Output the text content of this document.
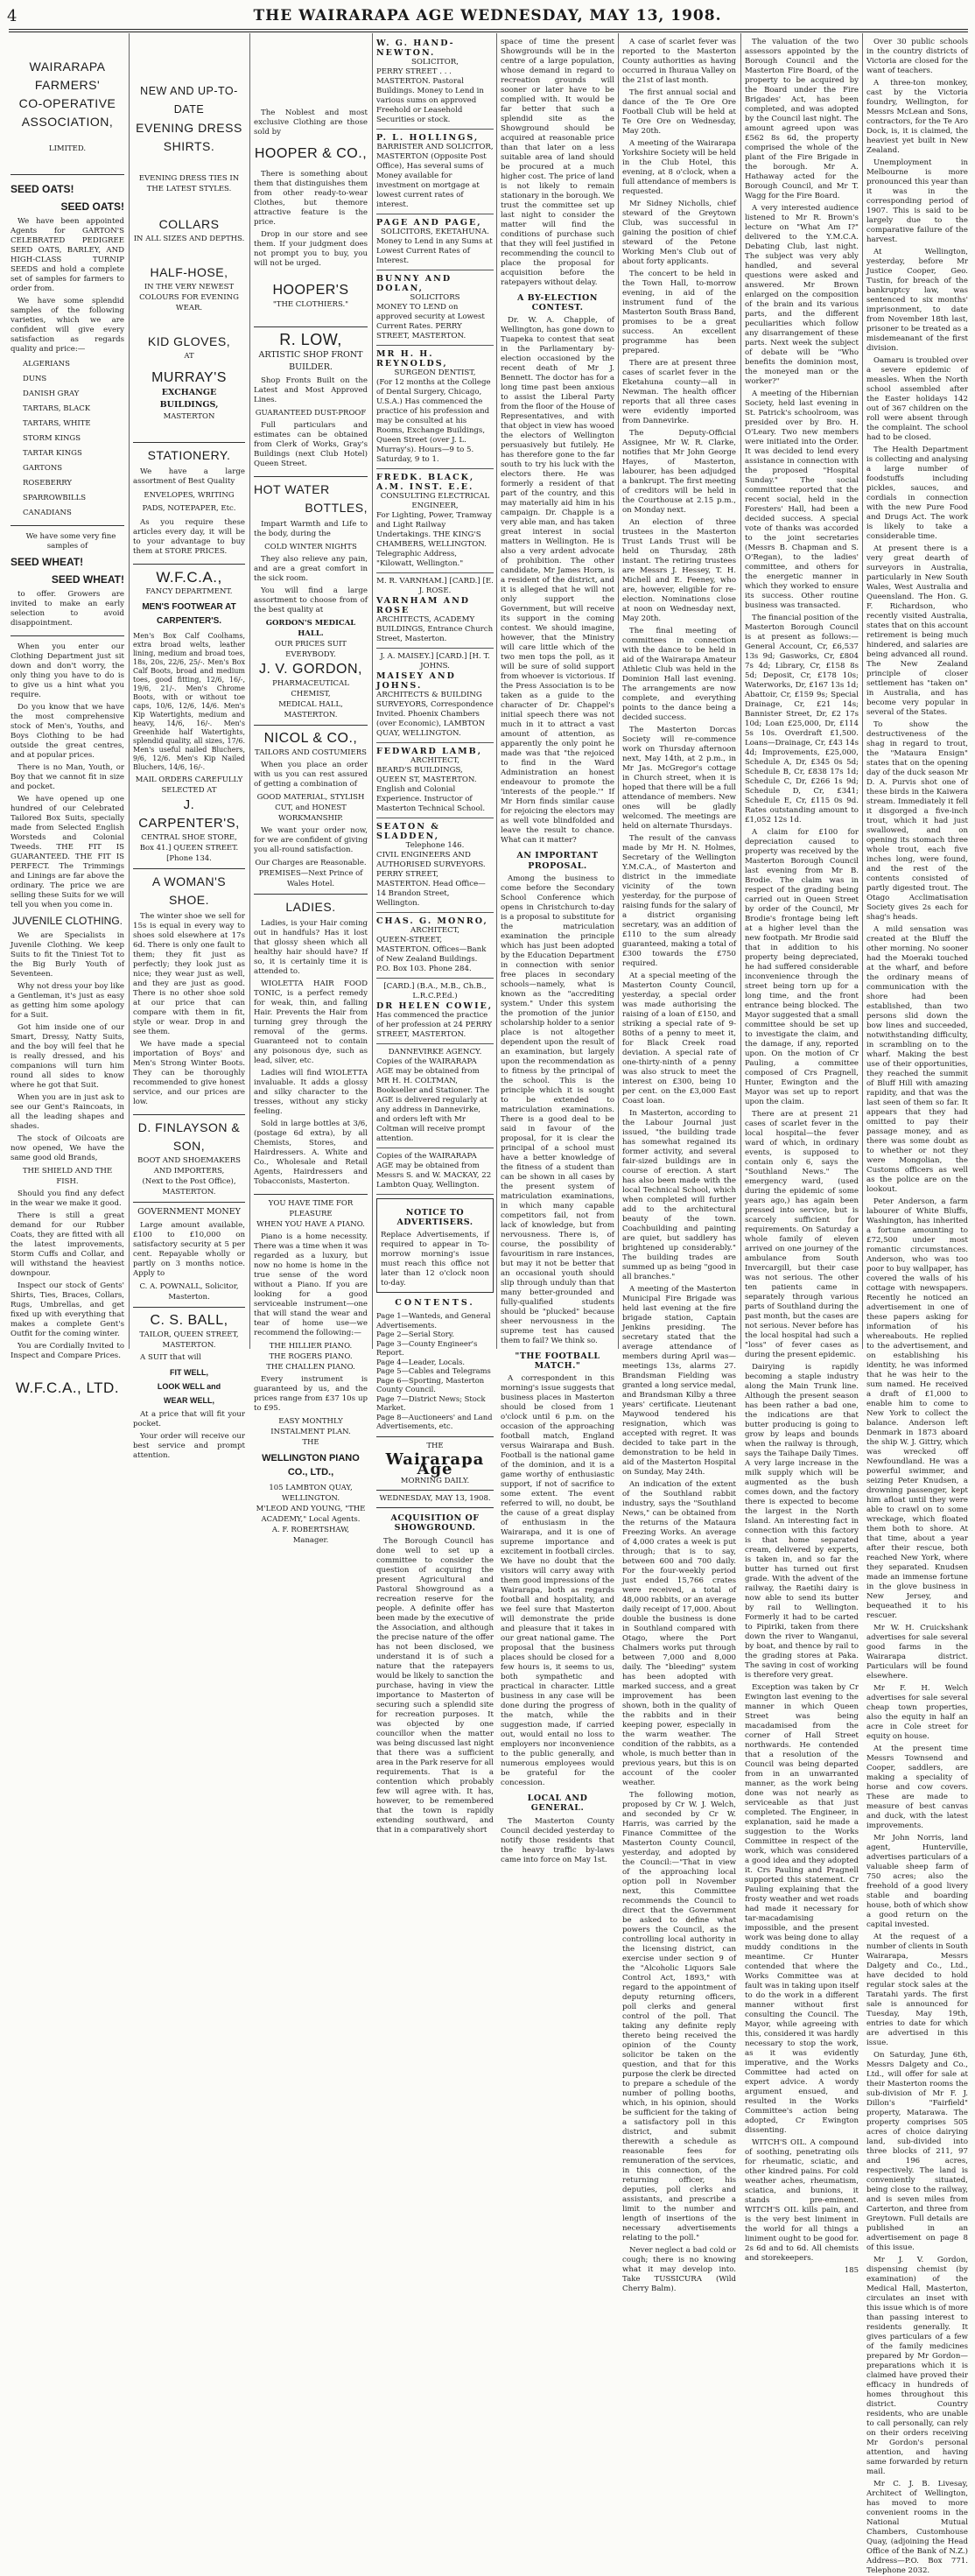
4	THE WAIRARAPA AGE WEDNESDAY, MAY 13, 1908.
WAIRARAPA
FARMERS'
CO-OPERATIVE
ASSOCIATION,
LIMITED.
SEED OATS!
SEED OATS!
We have been appointed Agents for GARTON'S CELEBRATED PEDIGREE SEED OATS, BARLEY, AND HIGH-CLASS TURNIP SEEDS and hold a complete set of samples for farmers to order from.
We have some splendid samples of the following varieties, which we are confident will give every satisfaction as regards quality and price:—
ALGERIANS
DUNS
DANISH GRAY
TARTARS, BLACK
TARTARS, WHITE
STORM KINGS
TARTAR KINGS
GARTONS
ROSEBERRY
SPARROWBILLS
CANADIANS
We have some very fine samples of
SEED WHEAT!
SEED WHEAT!
to offer. Growers are invited to make an early selection to avoid disappointment.
When you enter our Clothing Department just sit down and don't worry, the only thing you have to do is to give us a hint what you require.
Do you know that we have the most comprehensive stock of Men's, Youths, and Boys Clothing to be had outside the great centres, and at popular prices.
There is no Man, Youth, or Boy that we cannot fit in size and pocket.
We have opened up one hundred of our Celebrated Tailored Box Suits, specially made from Selected English Worsteds and Colonial Tweeds. THE FIT IS GUARANTEED. THE FIT IS PERFECT. The Trimmings and Linings are far above the ordinary. The price we are selling these Suits for we will tell you when you come in.
JUVENILE CLOTHING.
We are Specialists in Juvenile Clothing. We keep Suits to fit the Tiniest Tot to the Big Burly Youth of Seventeen.
Why not dress your boy like a Gentleman, it's just as easy as getting him some apology for a Suit.
Got him inside one of our Smart, Dressy, Natty Suits, and the boy will feel that he is really dressed, and his companions will turn him round all sides to know where he got that Suit.
When you are in just ask to see our Gent's Raincoats, in all the leading shapes and shades.
The stock of Oilcoats are now opened, We have the same good old Brands,
THE SHIELD AND THE FISH.
Should you find any defect in the wear we make it good.
There is still a great demand for our Rubber Coats, they are fitted with all the latest improvements, Storm Cuffs and Collar, and will withstand the heaviest downpour.
Inspect our stock of Gents' Shirts, Ties, Braces, Collars, Rugs, Umbrellas, and get fixed up with everything that makes a complete Gent's Outfit for the coming winter.
You are Cordially Invited to Inspect and Compare Prices.
W.F.C.A., LTD.
NEW AND UP-TO-DATE
EVENING DRESS SHIRTS.
EVENING DRESS TIES IN THE LATEST STYLES.
COLLARS
IN ALL SIZES AND DEPTHS.
HALF-HOSE,
IN THE VERY NEWEST COLOURS FOR EVENING WEAR.
KID GLOVES,
AT
MURRAY'S
EXCHANGE BUILDINGS,
MASTERTON
STATIONERY.
We have a large assortment of Best Quality
ENVELOPES, WRITING PADS, NOTEPAPER, Etc.
As you require these articles every day, it will be to your advantage to buy them at STORE PRICES.
W.F.C.A.,
FANCY DEPARTMENT.
MEN'S FOOTWEAR AT CARPENTER'S.
Men's Box Calf Coolhams, extra broad welts, leather lining, medium and broad toes, 18s, 20s, 22/6, 25/-. Men's Box Calf Boots, broad and medium toes, good fitting, 12/6, 16/-, 19/6, 21/-. Men's Chrome Boots, with or without toe caps, 10/6, 12/6, 14/6. Men's Kip Watertights, medium and heavy, 14/6, 16/-. Men's Greenhide half Watertights, splendid quality, all sizes, 17/6. Men's useful nailed Bluchers, 9/6, 12/6. Men's Kip Nailed Bluchers, 14/6, 16/-.
MAIL ORDERS CAREFULLY SELECTED AT
J. CARPENTER'S,
CENTRAL SHOE STORE, Box 41.] QUEEN STREET. [Phone 134.
A WOMAN'S SHOE.
The winter shoe we sell for 15s is equal in every way to shoes sold elsewhere at 17s 6d. There is only one fault to them; they fit just as perfectly; they look just as nice; they wear just as well, and they are just as good. There is no other shoe sold at our price that can compare with them in fit, style or wear. Drop in and see them.
We have made a special importation of Boys' and Men's Strong Winter Boots. They can be thoroughly recommended to give honest service, and our prices are low.
D. FINLAYSON & SON,
BOOT AND SHOEMAKERS AND IMPORTERS,
(Next to the Post Office), MASTERTON.
GOVERNMENT MONEY
Large amount available, £100 to £10,000 on satisfactory security at 5 per cent. Repayable wholly or partly on 3 months notice. Apply to
C. A. POWNALL, Solicitor, Masterton.
C. S. BALL,
TAILOR, QUEEN STREET, MASTERTON.
A SUIT that will
FIT WELL,
LOOK WELL and
WEAR WELL,
At a price that will fit your pocket.
Your order will receive our best service and prompt attention.
The Noblest and most exclusive Clothing are those sold by
HOOPER & CO.,
There is something about them that distinguishes them from other ready-to-wear Clothes, but themore attractive feature is the price.
Drop in our store and see them. If your judgment does not prompt you to buy, you will not be urged.
HOOPER'S
"THE CLOTHIERS."
R. LOW,
ARTISTIC SHOP FRONT BUILDER.
Shop Fronts Built on the Latest and Most Approved Lines.
GUARANTEED DUST-PROOF
Full particulars and estimates can be obtained from Clerk of Works, Gray's Buildings (next Club Hotel) Queen Street.
HOT WATER
BOTTLES,
Impart Warmth and Life to the body, during the
COLD WINTER NIGHTS
They also relieve any pain, and are a great comfort in the sick room.
You will find a large assortment to choose from of the best quality at
GORDON'S MEDICAL HALL.
OUR PRICES SUIT EVERYBODY.
J. V. GORDON,
PHARMACEUTICAL CHEMIST,
MEDICAL HALL, MASTERTON.
NICOL & CO.,
TAILORS AND COSTUMIERS
When you place an order with us you can rest assured of getting a combination of
GOOD MATERIAL, STYLISH CUT, and HONEST WORKMANSHIP.
We want your order now, for we are confident of giving you all-round satisfaction.
Our Charges are Reasonable.
PREMISES—Next Prince of Wales Hotel.
LADIES.
Ladies, is your Hair coming out in handfuls? Has it lost that glossy sheen which all healthy hair should have? If so, it is certainly time it is attended to.
WIOLETTA HAIR FOOD TONIC, is a perfect remedy for weak, thin, and falling Hair. Prevents the Hair from turning grey through the removal of the germs. Guaranteed not to contain any poisonous dye, such as lead, silver, etc.
Ladies will find WIOLETTA invaluable. It adds a glossy and silky character to the tresses, without any sticky feeling.
Sold in large bottles at 3/6, (postage 6d extra), by all Chemists, Stores, and Hairdressers. A. White and Co., Wholesale and Retail Agents, Hairdressers and Tobacconists, Masterton.
YOU HAVE TIME FOR PLEASURE
WHEN YOU HAVE A PIANO.
Piano is a home necessity. There was a time when it was regarded as a luxury, but now no home is home in the true sense of the word without a Piano. If you are looking for a good serviceable instrument—one that will stand the wear and tear of home use—we recommend the following:—
THE HILLIER PIANO.
THE ROGERS PIANO.
THE CHALLEN PIANO.
Every instrument is guaranteed by us, and the prices range from £37 10s up to £95.
EASY MONTHLY INSTALMENT PLAN.
THE
WELLINGTON PIANO CO., LTD.,
105 LAMBTON QUAY, WELLINGTON.
M'LEOD AND YOUNG, "THE ACADEMY," Local Agents.
A. F. ROBERTSHAW, Manager.
W. G. HAND-NEWTON.
SOLICITOR,
PERRY STREET . . . MASTERTON. Pastoral Buildings. Money to Lend in various sums on approved Freehold or Leasehold Securities or stock.
P. L. HOLLINGS,
BARRISTER AND SOLICITOR,
MASTERTON (Opposite Post Office), Has several sums of Money available for investment on mortgage at lowest current rates of interest.
PAGE AND PAGE,
SOLICITORS, EKETAHUNA.
Money to Lend in any Sums at Lowest Current Rates of Interest.
BUNNY AND DOLAN,
SOLICITORS
MONEY TO LEND on approved security at Lowest Current Rates. PERRY STREET, MASTERTON.
MR H. H. REYNOLDS,
SURGEON DENTIST,
(For 12 months at the College of Dental Surgery, Chicago, U.S.A.) Has commenced the practice of his profession and may be consulted at his Rooms, Exchange Buildings, Queen Street (over J. L. Murray's). Hours—9 to 5. Saturday, 9 to 1.
FREDK. BLACK, A.M. INST. E.E.
CONSULTING ELECTRICAL ENGINEER,
For Lighting, Power, Tramway and Light Railway Undertakings. THE KING'S CHAMBERS, WELLINGTON. Telegraphic Address, "Kilowatt, Wellington."
M. R. VARNHAM.] [CARD.] [E. J. ROSE.
VARNHAM AND ROSE
ARCHITECTS, ACADEMY BUILDINGS, Entrance Church Street, Masterton.
J. A. MAISEY.] [CARD.] [H. T. JOHNS.
MAISEY AND JOHNS.
ARCHITECTS & BUILDING SURVEYORS, Correspondence Invited. Phoenix Chambers (over Economic), LAMBTON QUAY, WELLINGTON.
FEDWARD LAMB,
ARCHITECT,
BEARD'S BUILDINGS, QUEEN ST, MASTERTON. English and Colonial Experience. Instructor of Masterton Technical School.
SEATON & SLADDEN,
Telephone 146.
CIVIL ENGINEERS AND AUTHORISED SURVEYORS. PERRY STREET, MASTERTON. Head Office— 14 Brandon Street, Wellington.
CHAS. G. MONRO,
ARCHITECT,
QUEEN-STREET, MASTERTON. Offices—Bank of New Zealand Buildings. P.O. Box 103. Phone 284.
[CARD.] (B.A., M.B., Ch.B., L.R.C.P.Ed.)
DR HELEN COWIE,
Has commenced the practice of her profession at 24 PERRY STREET, MASTERTON.
DANNEVIRKE AGENCY.
Copies of the WAIRARAPA AGE may be obtained from MR H. H. COLTMAN, Bookseller and Stationer. The AGE is delivered regularly at any address in Dannevirke, and orders left with Mr Coltman will receive prompt attention.
Copies of the WAIRARAPA AGE may be obtained from Messrs S. and W. MACKAY, 22 Lambton Quay, Wellington.
NOTICE TO ADVERTISERS.
Replace Advertisements, if required to appear in To-morrow morning's issue must reach this office not later than 12 o'clock noon to-day.
CONTENTS.
Page 1—Wanteds, and General Advertisements.
Page 2—Serial Story.
Page 3—County Engineer's Report.
Page 4—Leader, Locals.
Page 5—Cables and Telegrams
Page 6—Sporting, Masterton County Council.
Page 7—District News; Stock Market.
Page 8—Auctioneers' and Land Advertisements, etc.
THE
Wairarapa Age
MORNING DAILY.
WEDNESDAY, MAY 13, 1908.
ACQUISITION OF SHOWGROUND.
The Borough Council has done well to set up a committee to consider the question of acquiring the present Agricultural and Pastoral Showground as a recreation reserve for the people. A definite offer has been made by the executive of the Association, and although the precise nature of the offer has not been disclosed, we understand it is of such a nature that the ratepayers would be likely to sanction the purchase, having in view the importance to Masterton of securing such a splendid site for recreation purposes. It was objected by one councillor when the matter was being discussed last night that there was a sufficient area in the Park reserve for all requirements. That is a contention which probably few will agree with. It has, however, to be remembered that the town is rapidly extending southward, and that in a comparatively short
space of time the present Showgrounds will be in the centre of a large population, whose demand in regard to recreation grounds will sooner or later have to be complied with. It would be far better that such a splendid site as the Showground should be acquired at reasonable price than that later on a less suitable area of land should be procured at a much higher cost. The price of land is not likely to remain stationary in the borough. We trust the committee set up last night to consider the matter will find the conditions of purchase such that they will feel justified in recommending the council to place the proposal for acquisition before the ratepayers without delay.
A BY-ELECTION CONTEST.
Dr. W. A. Chapple, of Wellington, has gone down to Tuapeka to contest that seat in the Parliamentary by-election occasioned by the recent death of Mr J. Bennett. The doctor has for a long time past been anxious to assist the Liberal Party from the floor of the House of Representatives, and with that object in view has wooed the electors of Wellington persuasively but futilely. He has therefore gone to the far south to try his luck with the electors there. He was formerly a resident of that part of the country, and this may materially aid him in his campaign. Dr. Chapple is a very able man, and has taken great interest in social matters in Wellington. He is also a very ardent advocate of prohibition. The other candidate, Mr James Horn, is a resident of the district, and it is alleged that he will not only support the Government, but will receive its support in the coming contest. We should imagine, however, that the Ministry will care little which of the two men tops the poll, as it will be sure of solid support from whoever is victorious. If the Press Association is to be taken as a guide to the character of Dr. Chappel's initial speech there was not much in it to attract a vast amount of attention, as apparently the only point he made was that "the rejoiced to find in the Ward Administration an honest endeavour to promote the 'interests of the people.'" If Mr Horn finds similar cause for rejoicing the electors may as well vote blindfolded and leave the result to chance. What can it matter?
AN IMPORTANT PROPOSAL.
Among the business to come before the Secondary School Conference which opens in Christchurch to-day is a proposal to substitute for the matriculation examination the principle which has just been adopted by the Education Department in connection with senior free places in secondary schools—namely, what is known as the "accrediting system." Under this system the promotion of the junior scholarship holder to a senior place is not altogether dependent upon the result of an examination, but largely upon the recommendation as to fitness by the principal of the school. This is the principle which it is sought to be extended to matriculation examinations. There is a good deal to be said in favour of the proposal, for it is clear the principal of a school must have a better knowledge of the fitness of a student than can be shown in all cases by the present system of matriculation examinations, in which many capable competitors fail, not from lack of knowledge, but from nervousness. There is, of course, the possibility of favouritism in rare instances, but may it not be better that an occasional youth should slip through unduly than that many better-grounded and fully-qualified students should be "plucked" because sheer nervousness in the supreme test has caused them to fail? We think so.
"THE FOOTBALL MATCH."
A correspondent in this morning's issue suggests that business places in Masterton should be closed from 1 o'clock until 6 p.m. on the occasion of the approaching football match, England versus Wairarapa and Bush. Football is the national game of the dominion, and it is a game worthy of enthusiastic support, if not of sacrifice to some extent. The event referred to will, no doubt, be the cause of a great display of enthusiasm in the Wairarapa, and it is one of supreme importance and excitement in football circles. We have no doubt that the visitors will carry away with them good impressions of the Wairarapa, both as regards football and hospitality, and we feel sure that Masterton will demonstrate the pride and pleasure that it takes in our great national game. The proposal that the business places should be closed for a few hours is, it seems to us, both sympathetic and practical in character. Little business in any case will be done during the progress of the match, while the suggestion made, if carried out, would entail no loss to employers nor inconvenience to the public generally, and numerous employees would be grateful for the concession.
LOCAL AND GENERAL.
The Masterton County Council decided yesterday to notify those residents that the heavy traffic by-laws came into force on May 1st.
A case of scarlet fever was reported to the Masterton County authorities as having occurred in Ihuraua Valley on the 21st of last month.
The first annual social and dance of the Te Ore Ore Football Club will be held at Te Ore Ore on Wednesday, May 20th.
A meeting of the Wairarapa Yorkshire Society will be held in the Club Hotel, this evening, at 8 o'clock, when a full attendance of members is requested.
Mr Sidney Nicholls, chief steward of the Greytown Club, was successful in gaining the position of chief steward of the Petone Working Men's Club out of about forty applicants.
The concert to be held in the Town Hall, to-morrow evening, in aid of the instrument fund of the Masterton South Brass Band, promises to be a great success. An excellent programme has been prepared.
There are at present three cases of scarlet fever in the Eketahuna county—all in Newman. The health officer reports that all three cases were evidently imported from Dannevirke.
The Deputy-Official Assignee, Mr W. R. Clarke, notifies that Mr John George Hayes, of Masterton, labourer, has been adjudged a bankrupt. The first meeting of creditors will be held in the Courthouse at 2.15 p.m., on Monday next.
An election of three trustees in the Masterton Trust Lands Trust will be held on Thursday, 28th instant. The retiring trustees are Messrs J. Hessey, T. H. Michell and E. Feeney, who are, however, eligible for re-election. Nominations close at noon on Wednesday next, May 20th.
The final meeting of committees in connection with the dance to be held in aid of the Wairarapa Amateur Athletic Club was held in the Dominion Hall last evening. The arrangements are now complete, and everything points to the dance being a decided success.
The Masterton Dorcas Society will re-commence work on Thursday afternoon next, May 14th, at 2 p.m., in Mr Jas. McGregor's cottage in Church street, when it is hoped that there will be a full attendance of members. New ones will be gladly welcomed. The meetings are held on alternate Thursdays.
The result of the canvass made by Mr H. N. Holmes, Secretary of the Wellington Y.M.C.A., of Masterton and district in the immediate vicinity of the town yesterday, for the purpose of raising funds for the salary of a district organising secretary, was an addition of £110 to the sum already guaranteed, making a total of £300 towards the £750 required.
At a special meeting of the Masterton County Council, yesterday, a special order was made authorising the raising of a loan of £150, and striking a special rate of 9-80ths of a penny to meet it, for Black Creek road deviation. A special rate of one-thirty-ninth of a penny was also struck to meet the interest on £300, being 10 per cent. on the £3,000 East Coast loan.
In Masterton, according to the Labour Journal just issued, "the building trade has somewhat regained its former activity, and several fair-sized buildings are in course of erection. A start has also been made with the local Technical School, which when completed will further add to the architectural beauty of the town. Coachbuilding and painting are quiet, but saddlery has brightened up considerably." The building trades are summed up as being "good in all branches."
A meeting of the Masterton Municipal Fire Brigade was held last evening at the fire brigade station, Captain Jenkins presiding. The secretary stated that the average attendance of members during April was—meetings 13s, alarms 27. Brandsman Fielding was granted a long service medal, and Brandsman Kilby a three years' certificate. Lieutenant Maywood tendered his resignation, which was accepted with regret. It was decided to take part in the demonstration to be held in aid of the Masterton Hospital on Sunday, May 24th.
An indication of the extent of the Southland rabbit industry, says the "Southland News," can be obtained from the returns of the Mataura Freezing Works. An average of 4,000 crates a week is put through; that is to say, between 600 and 700 daily. For the four-weekly period just ended 15,766 crates were received, a total of 48,000 rabbits, or an average daily receipt of 17,000. About double the business is done in Southland compared with Otago, where the Port Chalmers works put through between 7,000 and 8,000 daily. The "bleeding" system has been adopted with marked success, and a great improvement has been shown, both in the quality of the rabbits and in their keeping power, especially in the warm weather. The condition of the rabbits, as a whole, is much better than in previous years, but this is on account of the cooler weather.
The following motion, proposed by Cr W. J. Welch, and seconded by Cr W. Harris, was carried by the Finance Committee of the Masterton County Council, yesterday, and adopted by the Council:—"That in view of the approaching local option poll in November next, this Committee recommends the Council to direct that the Government be asked to define what powers the Council, as the controlling local authority in the licensing district, can exercise under section 9 of the "Alcoholic Liquors Sale Control Act, 1893," with regard to the appointment of deputy returning officers, poll clerks and general control of the poll. That taking any definite reply thereto being received the opinion of the County solicitor be taken on the question, and that for this purpose the clerk be directed to prepare a schedule of the number of polling booths, which, in his opinion, should be sufficient for the taking of a satisfactory poll in this district, and submit therewith a schedule as reasonable fees for remuneration of the services, in this connection, of the returning officer, his deputies, poll clerks and assistants, and prescribe a limit to the number and length of insertions of the necessary advertisements relating to the poll."
Never neglect a bad cold or cough; there is no knowing what it may develop into. Take TUSSICURA (Wild Cherry Balm).
The valuation of the two assessors appointed by the Borough Council and the Masterton Fire Board, of the property to be acquired by the Board under the Fire Brigades' Act, has been completed, and was adopted by the Council last night. The amount agreed upon was £562 8s 6d, the property comprised the whole of the plant of the Fire Brigade in the borough. Mr A. Hathaway acted for the Borough Council, and Mr T. Wagg for the Fire Board.
A very interested audience listened to Mr R. Brown's lecture on "What Am I?" delivered to the Y.M.C.A. Debating Club, last night. The subject was very ably handled, and several questions were asked and answered. Mr Brown enlarged on the composition of the brain and its various parts, and the different peculiarities which follow any disarrangement of these parts. Next week the subject of debate will be "Who benefits the dominion most, the moneyed man or the worker?"
A meeting of the Hibernian Society, held last evening in St. Patrick's schoolroom, was presided over by Bro. H. O'Leary. Two new members were initiated into the Order. It was decided to lend every assistance in connection with the proposed "Hospital Sunday." The social committee reported that the recent social, held in the Foresters' Hall, had been a decided success. A special vote of thanks was accorded to the joint secretaries (Messrs B. Chapman and S. O'Regan), to the ladies' committee, and others for the energetic manner in which they worked to ensure its success. Other routine business was transacted.
The financial position of the Masterton Borough Council is at present as follows:—General Account, Cr, £6,537 13s 9d; Gasworks, Cr, £804 7s 4d; Library, Cr, £158 8s 5d; Deposit, Cr, £178 10s; Waterworks, Dr, £167 13s 1d; Abattoir, Cr, £159 9s; Special Drainage, Cr, £21 14s; Bannister Street, Dr, £2 17s 10d; Loan £25,000, Dr, £114 5s 10s. Overdraft £1,500. Loans—Drainage, Cr, £43 14s 4d; Improvements, £25,000, Schedule A, Dr, £345 0s 5d; Schedule B, Cr, £838 17s 1d; Schedule C, Dr, £266 1s 9d; Schedule D, Cr, £341; Schedule E, Cr, £115 0s 9d. Rates outstanding amount to £1,052 12s 1d.
A claim for £100 for depreciation caused to property was received by the Masterton Borough Council last evening from Mr B. Brodie. The claim was in respect of the grading being carried out in Queen Street by order of the Council, Mr Brodie's frontage being left at a higher level than the new footpath. Mr Brodie said that in addition to his property being depreciated, he had suffered considerable inconvenience through the street being torn up for a long time, and the front entrance being blocked. The Mayor suggested that a small committee should be set up to investigate the claim, and the damage, if any, reported upon. On the motion of Cr Pauling, a committee composed of Crs Pragnell, Hunter, Ewington and the Mayor was set up to report upon the claim.
There are at present 21 cases of scarlet fever in the local hospital—the fever ward of which, in ordinary events, is supposed to contain only 6, says the "Southland News." The emergency ward, (used during the epidemic of some years ago,) has again been pressed into service, but is scarcely sufficient for requirements. On Saturday a whole family of eleven arrived on one journey of the ambulance from South Invercargill, but their case was not serious. The other ten patients came in separately through various parts of Southland during the past month, but the cases are not serious. Never before has the local hospital had such a "loss" of fever cases as during the present epidemic.
Dairying is rapidly becoming a staple industry along the Main Trunk line. Although the present season has been rather a bad one, the indications are that butter producing is going to grow by leaps and bounds when the railway is through, says the Taihape Daily Times. A very large increase in the milk supply which will be augmented as the bush comes down, and the factory there is expected to become the largest in the North Island. An interesting fact in connection with this factory is that home separated cream, delivered by experts, is taken in, and so far the butter has turned out first grade. With the advent of the railway, the Raetihi dairy is now able to send its butter by rail to Wellington. Formerly it had to be carted to Pipiriki, taken from there down the river to Wanganui, by boat, and thence by rail to the grading stores at Paka. The saving in cost of working is therefore very great.
Exception was taken by Cr Ewington last evening to the manner in which Queen Street was being macadamised from the corner of Hall Street northwards. He contended that a resolution of the Council was being departed from in an unwarranted manner, as the work being done was not nearly as serviceable as that just completed. The Engineer, in explanation, said he made a suggestion to the Works Committee in respect of the work, which was considered a good idea and they adopted it. Crs Pauling and Pragnell supported this statement. Cr Pauling explaining that the frosty weather and wet roads had made it necessary for tar-macadamising impossible, and the present work was being done to allay muddy conditions in the meantime. Cr Hunter contended that where the Works Committee was at fault was in taking upon itself to do the work in a different manner without first consulting the Council. The Mayor, while agreeing with this, considered it was hardly necessary to stop the work, as it was evidently imperative, and the Works Committee had acted on expert advice. A wordy argument ensued, and resulted in the Works Committee's action being adopted, Cr Ewington dissenting.
WITCH'S OIL. A compound of soothing, penetrating oils for rheumatic, sciatic, and other kindred pains. For cold weather aches, rheumatism, sciatica, and bunions, it stands pre-eminent. WITCH'S OIL kills pain, and is the very best liniment in the world for all things a liniment ought to be good for. 2s 6d and to 6d. All chemists and storekeepers.
185
Over 30 public schools in the country districts of Victoria are closed for the want of teachers.
A three-ton monkey, cast by the Victoria foundry, Wellington, for Messrs McLean and Sons, contractors, for the Te Aro Dock, is, it is claimed, the heaviest yet built in New Zealand.
Unemployment in Melbourne is more pronounced this year than it was in the corresponding period of 1907. This is said to be largely due to the comparative failure of the harvest.
At Wellington, yesterday, before Mr Justice Cooper, Geo. Tustin, for breach of the bankruptcy law, was sentenced to six months' imprisonment, to date from November 18th last, prisoner to be treated as a misdemeanant of the first division.
Oamaru is troubled over a severe epidemic of measles. When the North school assembled after the Easter holidays 142 out of 367 children on the roll were absent through the complaint. The school had to be closed.
The Health Department is collecting and analysing a large number of foodstuffs including pickles, sauces, and cordials in connection with the new Pure Food and Drugs Act. The work is likely to take a considerable time.
At present there is a very great dearth of surveyors in Australia, particularly in New South Wales, West Australia and Queensland. The Hon. G. F. Richardson, who recently visited Australia, states that on this account retirement is being much hindered, and salaries are being advanced all round. The New Zealand principle of closer settlement has "taken on" in Australia, and has become very popular in several of the States.
To show the destructiveness of the shag in regard to trout, the "Mataura Ensign" states that on the opening day of the duck season Mr D. A. Purvis shot one of these birds in the Kaiwera stream. Immediately it fell it disgorged a five-inch trout, which it had just swallowed, and on opening its stomach three whole trout, each five inches long, were found, and the rest of the contents consisted of partly digested trout. The Otago Acclimatisation Society gives 2s each for shag's heads.
A mild sensation was created at the Bluff the other morning. No sooner had the Moeraki touched at the wharf, and before the ordinary means of communication with the shore had been established, than two persons slid down the bow lines and succeeded, notwithstanding difficulty, in scrambling on to the wharf. Making the best use of their opportunities, they reached the summit of Bluff Hill with amazing rapidity, and that was the last seen of them so far. It appears that they had omitted to pay their passage money, and as there was some doubt as to whether or not they were Mongolian, the Customs officers as well as the police are on the lookout.
Peter Anderson, a farm labourer of White Bluffs, Washington, has inherited a fortune amounting to £72,500 under most romantic circumstances. Anderson, who was too poor to buy wallpaper, has covered the walls of his cottage with newspapers. Recently he noticed an advertisement in one of these papers asking for information of his whereabouts. He replied to the advertisement, and on establishing his identity, he was informed that he was heir to the sum named. He received a draft of £1,000 to enable him to come to New York to collect the balance. Anderson left Denmark in 1873 aboard the ship W. J. Gittry, which was wrecked off Newfoundland. He was a powerful swimmer, and seizing Peter Knudsen, a drowning passenger, kept him afloat until they were able to crawl on to some wreckage, which floated them both to shore. At that time, about a year after their rescue, both reached New York, where they separated. Knudsen made an immense fortune in the glove business in New Jersey, and bequeathed it to his rescuer.
Mr W. H. Cruickshank advertises for sale several good farms in the Wairarapa district. Particulars will be found elsewhere.
Mr F. H. Welch advertises for sale several cheap town properties, also the equity in half an acre in Cole street for equity on house.
At the present time Messrs Townsend and Cooper, saddlers, are making a speciality of horse and cow covers. These are made to measure of best canvas and duck, with the latest improvements.
Mr John Norris, land agent, Hunterville, advertises particulars of a valuable sheep farm of 750 acres; also the freehold of a good livery stable and boarding house, both of which show a good return on the capital invested.
At the request of a number of clients in South Wairarapa, Messrs Dalgety and Co., Ltd., have decided to hold regular stock sales at the Taratahi yards. The first sale is announced for Tuesday, May 19th, entries to date for which are advertised in this issue.
On Saturday, June 6th, Messrs Dalgety and Co., Ltd., will offer for sale at their Masterton rooms the sub-division of Mr F. J. Dillon's "Fairfield" property, Matarawa. The property comprises 505 acres of choice dairying land, sub-divided into three blocks of 211, 97 and 196 acres, respectively. The land is conveniently situated, being close to the railway, and is seven miles from Carterton, and three from Greytown. Full details are published in an advertisement on page 8 of this issue.
Mr J. V. Gordon, dispensing chemist (by examination) of the Medical Hall, Masterton, circulates an inset with this issue which is of more than passing interest to residents generally. It gives particulars of a few of the family medicines prepared by Mr Gordon—preparations which it is claimed have proved their efficacy in hundreds of homes throughout this district. Country residents, who are unable to call personally, can rely on their orders receiving Mr Gordon's personal attention, and having same forwarded by return mail.
Mr C. J. B. Livesay, Architect of Wellington, has moved to more convenient rooms in the National Mutual Chambers, Customhouse Quay, (adjoining the Head Office of the Bank of N.Z.) Address—P.O. Box 771. Telephone 2032.
